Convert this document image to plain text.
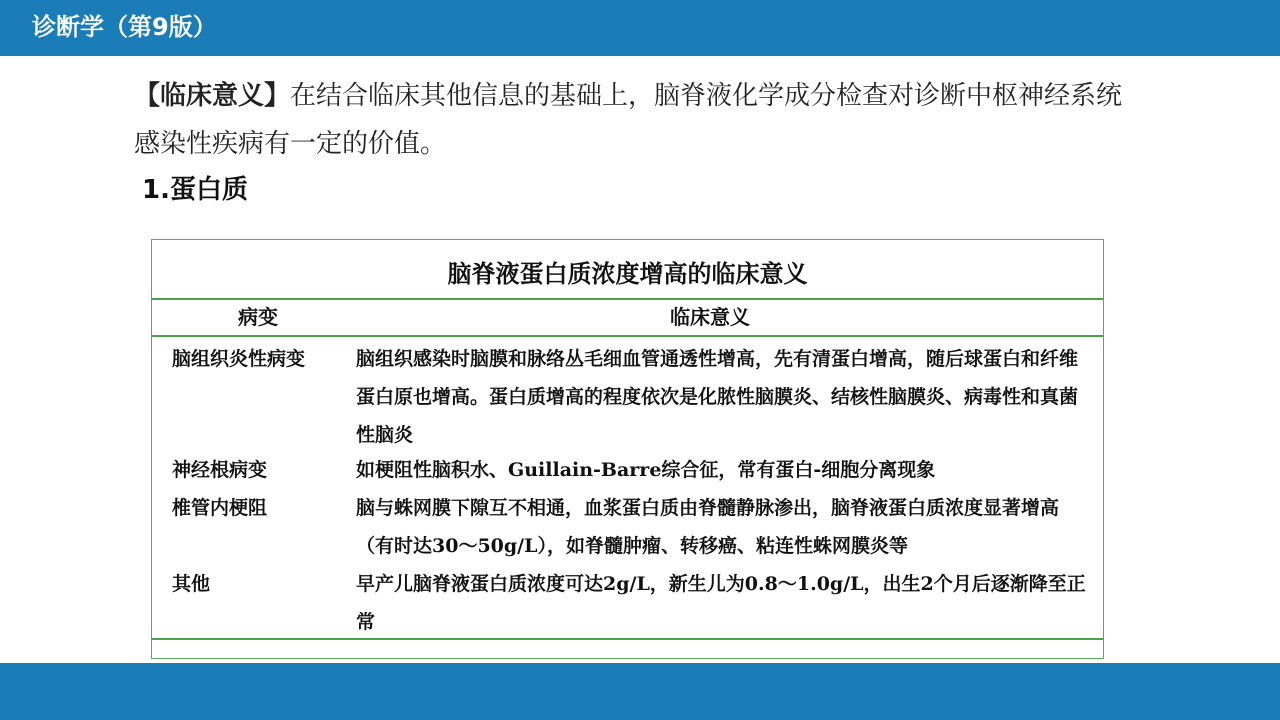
诊断学（第9版）
【临床意义】在结合临床其他信息的基础上，脑脊液化学成分检查对诊断中枢神经系统感染性疾病有一定的价值。
1.蛋白质
脑脊液蛋白质浓度增高的临床意义
病变	临床意义
脑组织炎性病变	脑组织感染时脑膜和脉络丛毛细血管通透性增高，先有清蛋白增高，随后球蛋白和纤维蛋白原也增高。蛋白质增高的程度依次是化脓性脑膜炎、结核性脑膜炎、病毒性和真菌性脑炎
神经根病变	如梗阻性脑积水、Guillain-Barre综合征，常有蛋白-细胞分离现象
椎管内梗阻	脑与蛛网膜下隙互不相通，血浆蛋白质由脊髓静脉渗出，脑脊液蛋白质浓度显著增高（有时达30～50g/L），如脊髓肿瘤、转移癌、粘连性蛛网膜炎等
其他	早产儿脑脊液蛋白质浓度可达2g/L，新生儿为0.8～1.0g/L，出生2个月后逐渐降至正常
